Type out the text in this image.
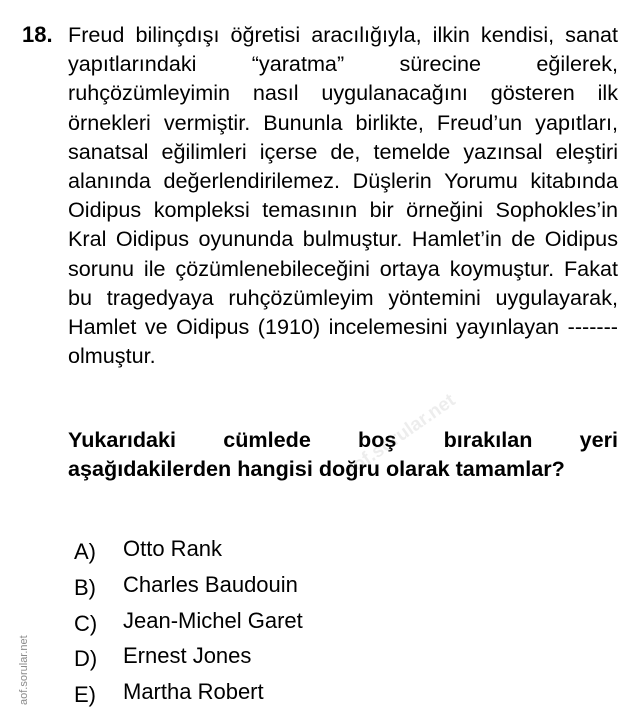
18. Freud bilinçdışı öğretisi aracılığıyla, ilkin kendisi, sanat yapıtlarındaki “yaratma” sürecine eğilerek, ruhçözümleyimin nasıl uygulanacağını gösteren ilk örnekleri vermiştir. Bununla birlikte, Freud’un yapıtları, sanatsal eğilimleri içerse de, temelde yazınsal eleştiri alanında değerlendirilemez. Düşlerin Yorumu kitabında Oidipus kompleksi temasının bir örneğini Sophokles’in Kral Oidipus oyununda bulmuştur. Hamlet’in de Oidipus sorunu ile çözümlenebileceğini ortaya koymuştur. Fakat bu tragedyaya ruhçözümleyim yöntemini uygulayarak, Hamlet ve Oidipus (1910) incelemesini yayınlayan ------- olmuştur.

Yukarıdaki cümlede boş bırakılan yeri aşağıdakilerden hangisi doğru olarak tamamlar?

A)	Otto Rank
B)	Charles Baudouin
C)	Jean-Michel Garet
D)	Ernest Jones
E)	Martha Robert
aof.sorular.net
aof.sorular.net
